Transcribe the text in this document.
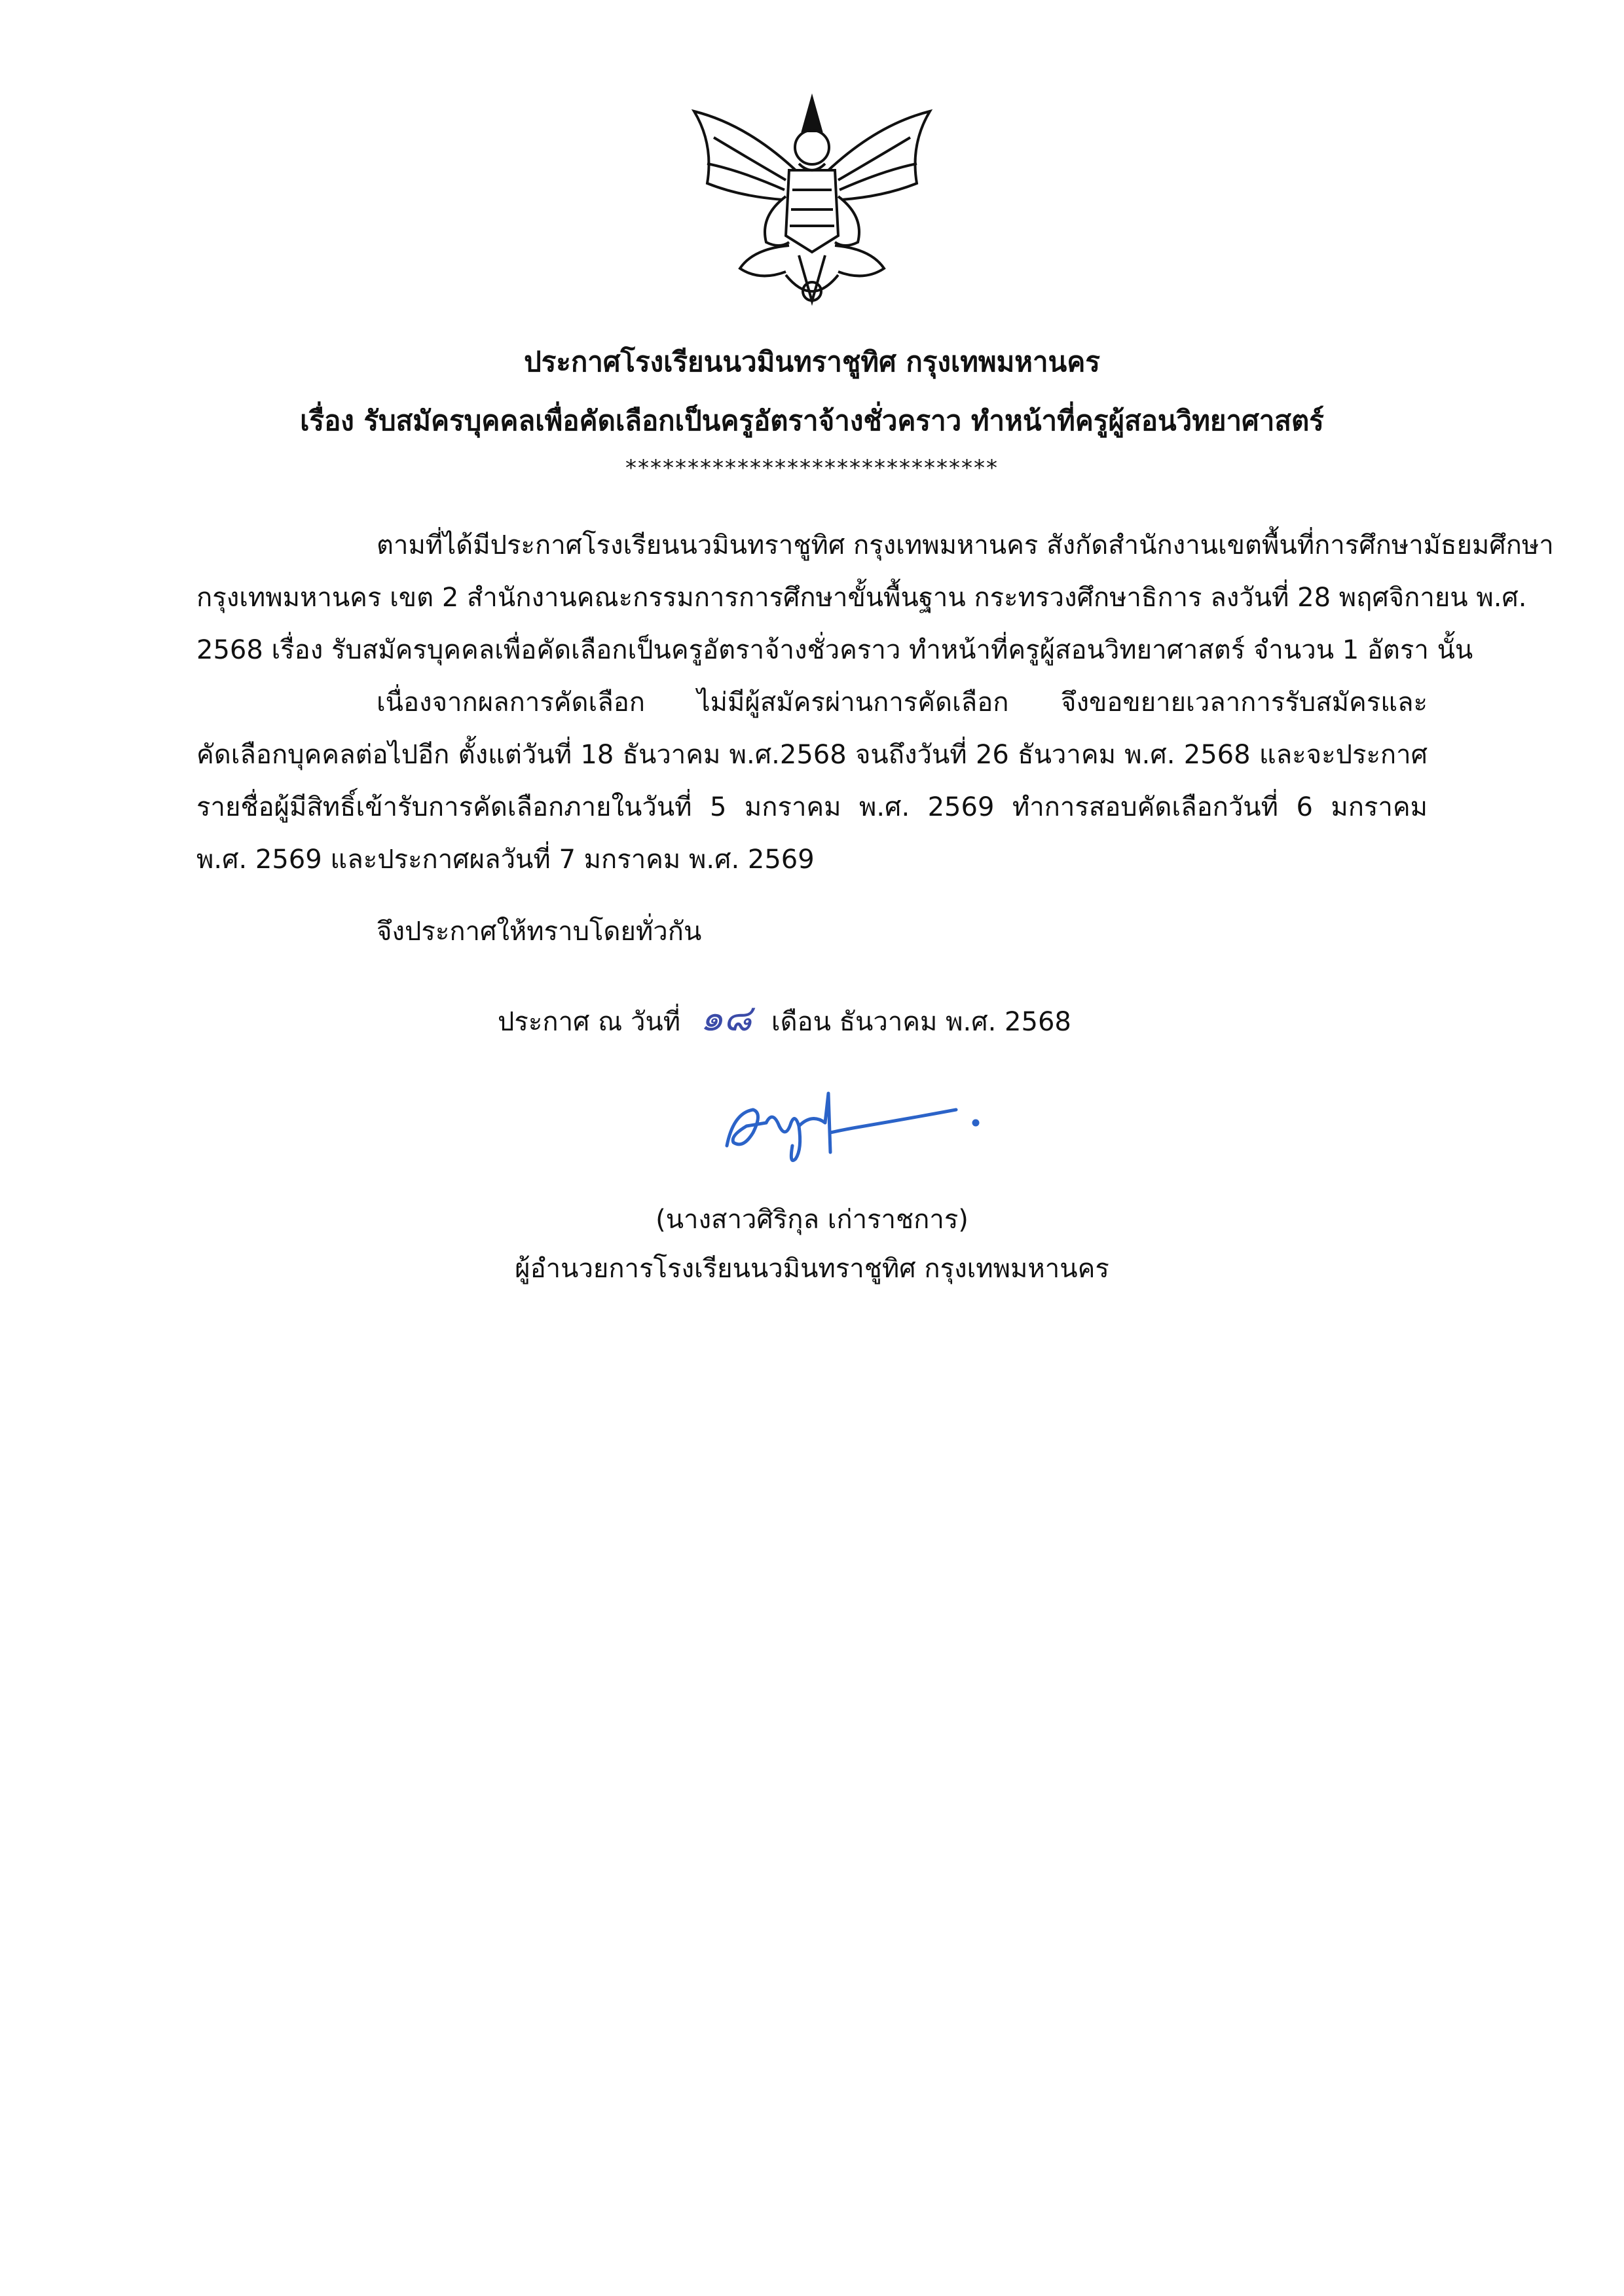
ประกาศโรงเรียนนวมินทราชูทิศ กรุงเทพมหานคร
เรื่อง รับสมัครบุคคลเพื่อคัดเลือกเป็นครูอัตราจ้างชั่วคราว ทำหน้าที่ครูผู้สอนวิทยาศาสตร์
******************************
ตามที่ได้มีประกาศโรงเรียนนวมินทราชูทิศ กรุงเทพมหานคร สังกัดสำนักงานเขตพื้นที่การศึกษามัธยมศึกษา
กรุงเทพมหานคร เขต 2 สำนักงานคณะกรรมการการศึกษาขั้นพื้นฐาน กระทรวงศึกษาธิการ ลงวันที่ 28 พฤศจิกายน พ.ศ.
2568 เรื่อง รับสมัครบุคคลเพื่อคัดเลือกเป็นครูอัตราจ้างชั่วคราว ทำหน้าที่ครูผู้สอนวิทยาศาสตร์ จำนวน 1 อัตรา นั้น
เนื่องจากผลการคัดเลือก ไม่มีผู้สมัครผ่านการคัดเลือก จึงขอขยายเวลาการรับสมัครและ
คัดเลือกบุคคลต่อไปอีก ตั้งแต่วันที่ 18 ธันวาคม พ.ศ.2568 จนถึงวันที่ 26 ธันวาคม พ.ศ. 2568 และจะประกาศ
รายชื่อผู้มีสิทธิ์เข้ารับการคัดเลือกภายในวันที่ 5 มกราคม พ.ศ. 2569 ทำการสอบคัดเลือกวันที่ 6 มกราคม
พ.ศ. 2569 และประกาศผลวันที่ 7 มกราคม พ.ศ. 2569
จึงประกาศให้ทราบโดยทั่วกัน
ประกาศ ณ วันที่ ๑๘ เดือน ธันวาคม พ.ศ. 2568
(นางสาวศิริกุล เก่าราชการ)
ผู้อำนวยการโรงเรียนนวมินทราชูทิศ กรุงเทพมหานคร
